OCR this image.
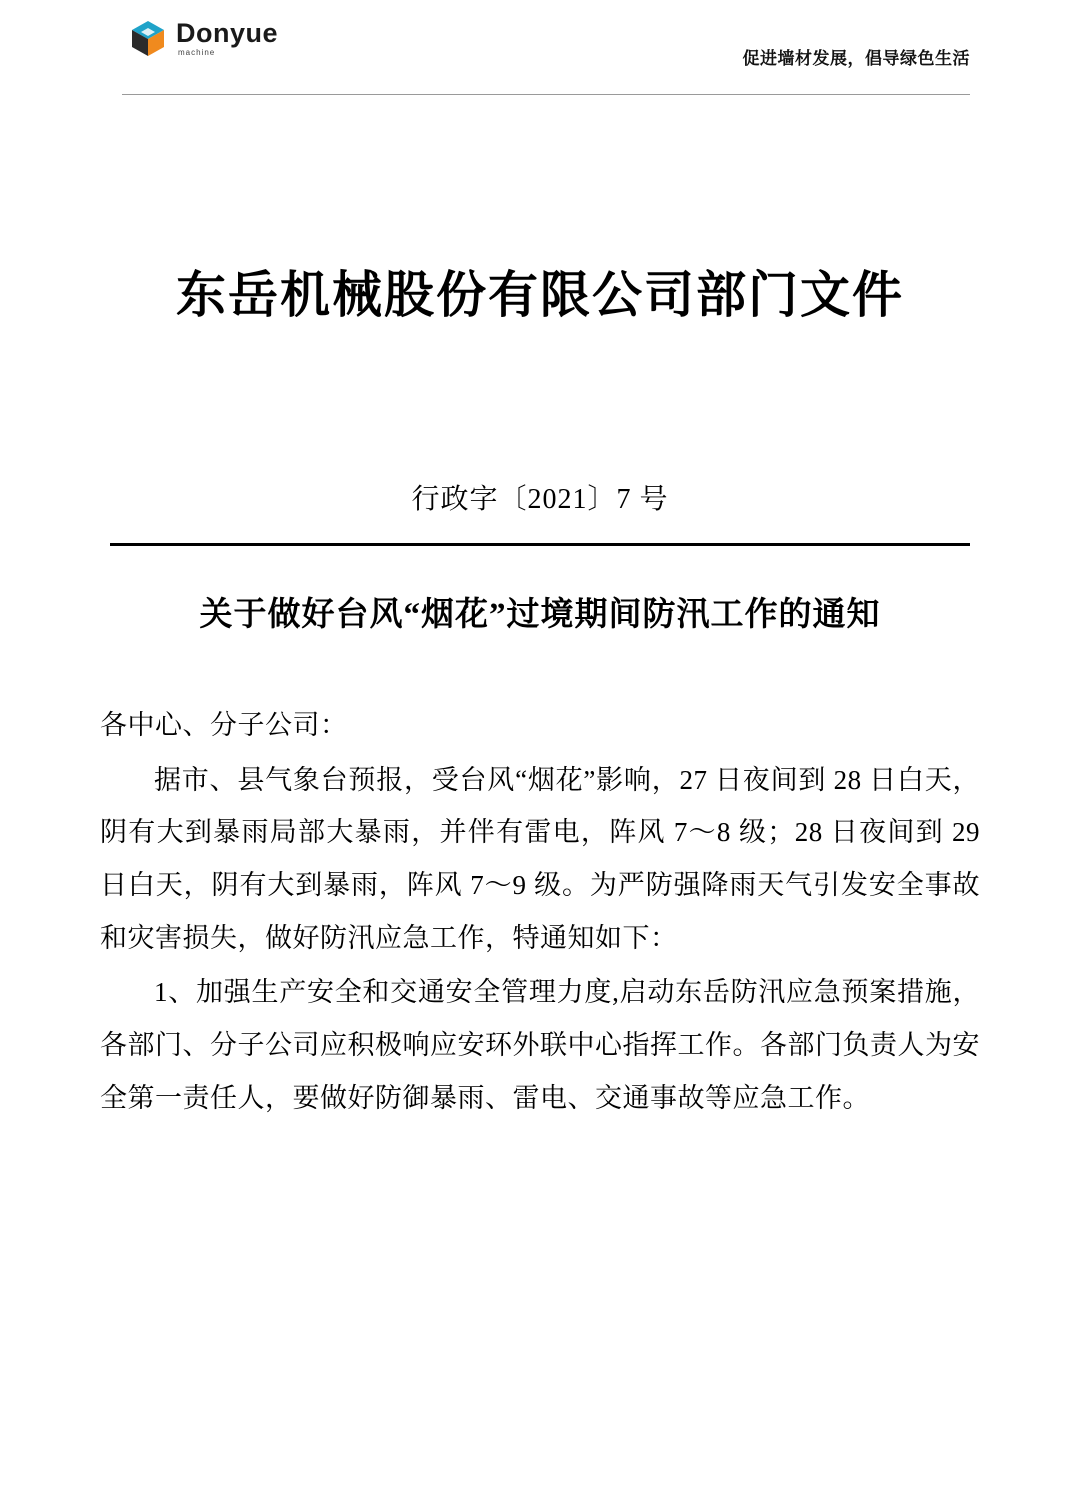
Donyue
machine	促进墙材发展，倡导绿色生活
东岳机械股份有限公司部门文件
行政字〔2021〕7 号
关于做好台风“烟花”过境期间防汛工作的通知

各中心、分子公司：

据市、县气象台预报，受台风“烟花”影响，27 日夜间到 28 日白天，阴有大到暴雨局部大暴雨，并伴有雷电，阵风 7～8 级；28 日夜间到 29 日白天，阴有大到暴雨，阵风 7～9 级。为严防强降雨天气引发安全事故和灾害损失，做好防汛应急工作，特通知如下：

1、加强生产安全和交通安全管理力度,启动东岳防汛应急预案措施，各部门、分子公司应积极响应安环外联中心指挥工作。各部门负责人为安全第一责任人，要做好防御暴雨、雷电、交通事故等应急工作。
